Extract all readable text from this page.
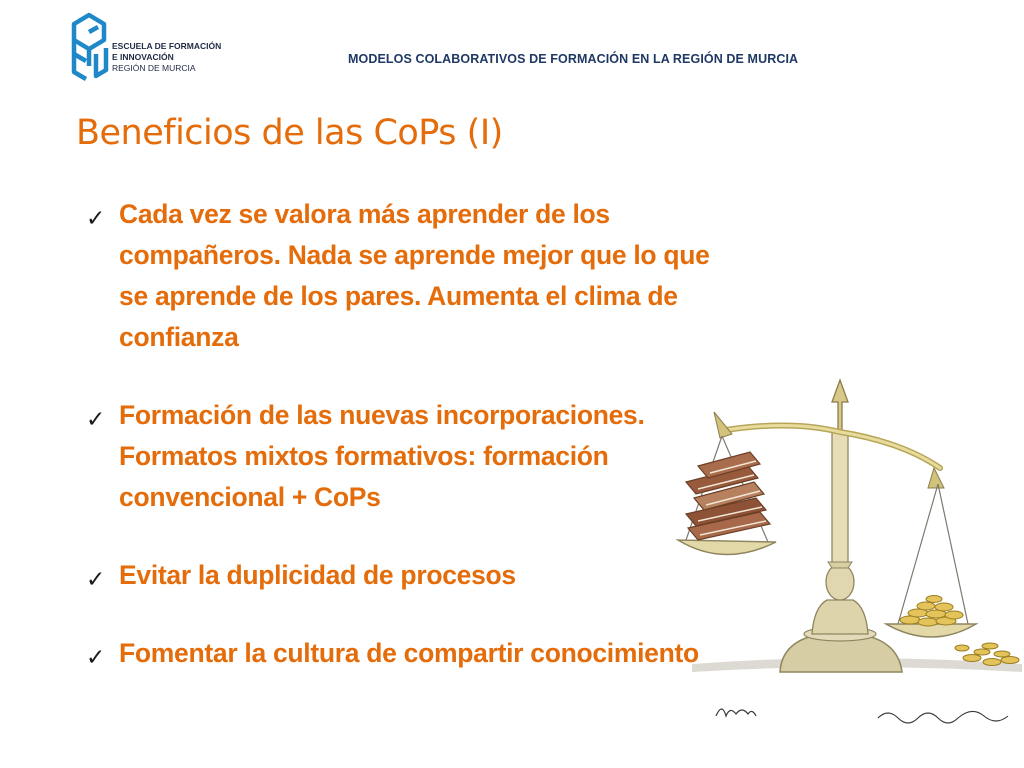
ESCUELA DE FORMACIÓN
E INNOVACIÓN
REGIÓN DE MURCIA
MODELOS COLABORATIVOS DE FORMACIÓN EN LA REGIÓN DE MURCIA
Beneficios de las CoPs (I)
✓ Cada vez se valora más aprender de los compañeros. Nada se aprende mejor que lo que se aprende de los pares. Aumenta el clima de confianza
✓ Formación de las nuevas incorporaciones. Formatos mixtos formativos: formación convencional + CoPs
✓ Evitar la duplicidad de procesos
✓ Fomentar la cultura de compartir conocimiento
